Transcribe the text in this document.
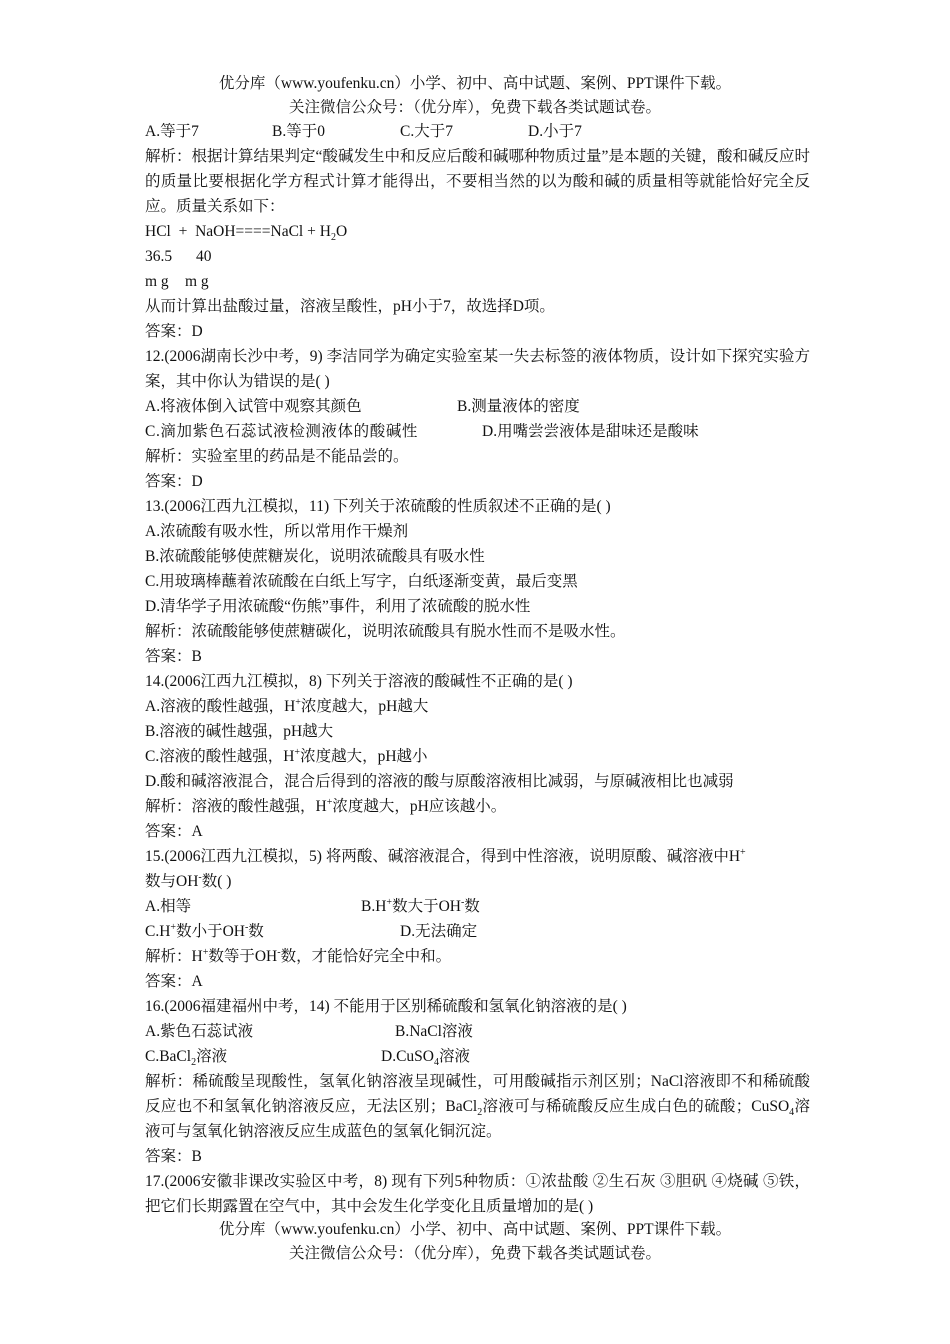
优分库（www.youfenku.cn）小学、初中、高中试题、案例、PPT课件下载。
关注微信公众号：（优分库），免费下载各类试题试卷。
A.等于7	B.等于0	C.大于7	D.小于7
解析：根据计算结果判定“酸碱发生中和反应后酸和碱哪种物质过量”是本题的关键，酸和碱反应时的质量比要根据化学方程式计算才能得出，不要相当然的以为酸和碱的质量相等就能恰好完全反应。质量关系如下：
HCl + NaOH====NaCl + $H_2O$
36.5 40
m g m g
从而计算出盐酸过量，溶液呈酸性，pH小于7，故选择D项。
答案：D
12.(2006湖南长沙中考，9) 李洁同学为确定实验室某一失去标签的液体物质，设计如下探究实验方案，其中你认为错误的是( )
A.将液体倒入试管中观察其颜色	B.测量液体的密度
C.滴加紫色石蕊试液检测液体的酸碱性	D.用嘴尝尝液体是甜味还是酸味
解析：实验室里的药品是不能品尝的。
答案：D
13.(2006江西九江模拟，11) 下列关于浓硫酸的性质叙述不正确的是( )
A.浓硫酸有吸水性，所以常用作干燥剂
B.浓硫酸能够使蔗糖炭化，说明浓硫酸具有吸水性
C.用玻璃棒蘸着浓硫酸在白纸上写字，白纸逐渐变黄，最后变黑
D.清华学子用浓硫酸“伤熊”事件，利用了浓硫酸的脱水性
解析：浓硫酸能够使蔗糖碳化，说明浓硫酸具有脱水性而不是吸水性。
答案：B
14.(2006江西九江模拟，8) 下列关于溶液的酸碱性不正确的是( )
A.溶液的酸性越强，H+浓度越大，pH越大
B.溶液的碱性越强，pH越大
C.溶液的酸性越强，H+浓度越大，pH越小
D.酸和碱溶液混合，混合后得到的溶液的酸与原酸溶液相比减弱，与原碱液相比也减弱
解析：溶液的酸性越强，H+浓度越大，pH应该越小。
答案：A
15.(2006江西九江模拟，5) 将两酸、碱溶液混合，得到中性溶液，说明原酸、碱溶液中H+
数与OH-数( )
A.相等	B.H+数大于OH-数
C.H+数小于OH-数	D.无法确定
解析：H+数等于OH-数，才能恰好完全中和。
答案：A
16.(2006福建福州中考，14) 不能用于区别稀硫酸和氢氧化钠溶液的是( )
A.紫色石蕊试液	B.NaCl溶液
C.BaCl$_2$溶液	D.CuSO$_4$溶液
解析：稀硫酸呈现酸性，氢氧化钠溶液呈现碱性，可用酸碱指示剂区别；NaCl溶液即不和稀硫酸反应也不和氢氧化钠溶液反应，无法区别；BaCl$_2$溶液可与稀硫酸反应生成白色的硫酸；CuSO$_4$溶液可与氢氧化钠溶液反应生成蓝色的氢氧化铜沉淀。
答案：B
17.(2006安徽非课改实验区中考，8) 现有下列5种物质：①浓盐酸 ②生石灰 ③胆矾 ④烧碱 ⑤铁，把它们长期露置在空气中，其中会发生化学变化且质量增加的是( )
优分库（www.youfenku.cn）小学、初中、高中试题、案例、PPT课件下载。
关注微信公众号：（优分库），免费下载各类试题试卷。
